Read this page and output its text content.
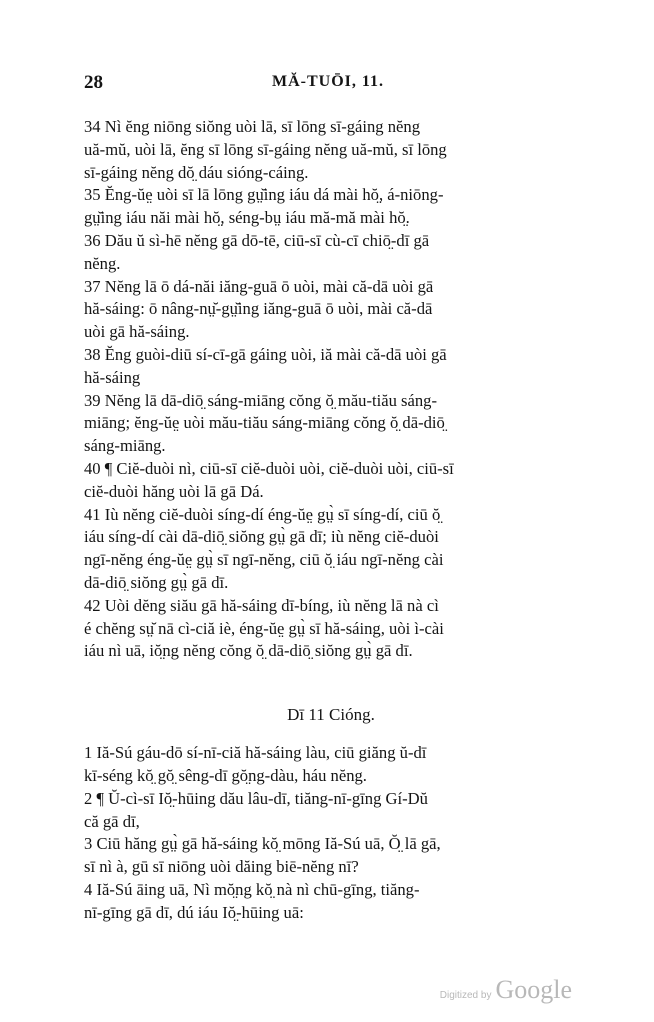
28	MĂ-TUŌI, 11.
34 Nì ĕng niōng siŏng uòi lā, sī lōng sī-gáing nĕng
uă-mŭ, uòi lā, ĕng sī lōng sī-gáing nĕng uă-mŭ, sī lōng
sī-gáing nĕng dŏ̤ dáu sióng-cáing.
35 Ĕng-ŭe̤ uòi sī lā lōng gṳ̆ing iáu dá mài hŏ̤, á-niōng-
gṳ̆ing iáu năi mài hŏ̤, séng-bṳ iáu mă-mă mài hŏ̤.
36 Dău ŭ sì-hē nĕng gā dō-tē, ciū-sī cù-cī chiō̤-dī gā
nĕng.
37 Nĕng lā ō dá-năi iăng-guā ō uòi, mài că-dā uòi gā
hă-sáing: ō nâng-nṳ̆-gṳ̆ing iăng-guā ō uòi, mài că-dā
uòi gā hă-sáing.
38 Ĕng guòi-diū sí-cī-gā gáing uòi, iă mài că-dā uòi gā
hă-sáing
39 Nĕng lā dā-diō̤ sáng-miāng cŏng ŏ̤ mău-tiău sáng-
miāng; ĕng-ŭe̤ uòi mău-tiău sáng-miāng cŏng ŏ̤ dā-diō̤
sáng-miāng.
40 ¶ Ciĕ-duòi nì, ciū-sī ciĕ-duòi uòi, ciĕ-duòi uòi, ciū-sī
ciĕ-duòi hăng uòi lā gā Dá.
41 Iù nĕng ciĕ-duòi síng-dí éng-ŭe̤ gṳ̀ sī síng-dí, ciū ŏ̤
iáu síng-dí cài dā-diō̤ siŏng gṳ̀ gā dī; iù nĕng ciĕ-duòi
ngī-nĕng éng-ŭe̤ gṳ̀ sī ngī-nĕng, ciū ŏ̤ iáu ngī-nĕng cài
dā-diō̤ siŏng gṳ̀ gā dī.
42 Uòi dĕng siău gā hă-sáing dī-bíng, iù nĕng lā nà cì
é chĕng sṳ̆ nā cì-ciă iè, éng-ŭe̤ gṳ̀ sī hă-sáing, uòi ì-cài
iáu nì uā, iŏ̤ng nĕng cŏng ŏ̤ dā-diō̤ siŏng gṳ̀ gā dī.
Dī 11 Cióng.
1 Iă-Sú gáu-dō sí-nī-ciă hă-sáing làu, ciū giăng ŭ-dī
kī-séng kŏ̤ gŏ̤ sêng-dī gŏ̤ng-dàu, háu nĕng.
2 ¶ Ŭ-cì-sī Iŏ̤-hūing dău lâu-dī, tiăng-nī-gīng Gí-Dŭ
că gā dī,
3 Ciū hăng gṳ̀ gā hă-sáing kŏ̤ mōng Iă-Sú uā, Ŏ̤ lā gā,
sī nì à, gū sī niōng uòi dăing biē-nĕng nī?
4 Iă-Sú āing uā, Nì mŏ̤ng kŏ̤ nà nì chū-gīng, tiăng-
nī-gīng gā dī, dú iáu Iŏ̤-hūing uā:
Digitized by Google
